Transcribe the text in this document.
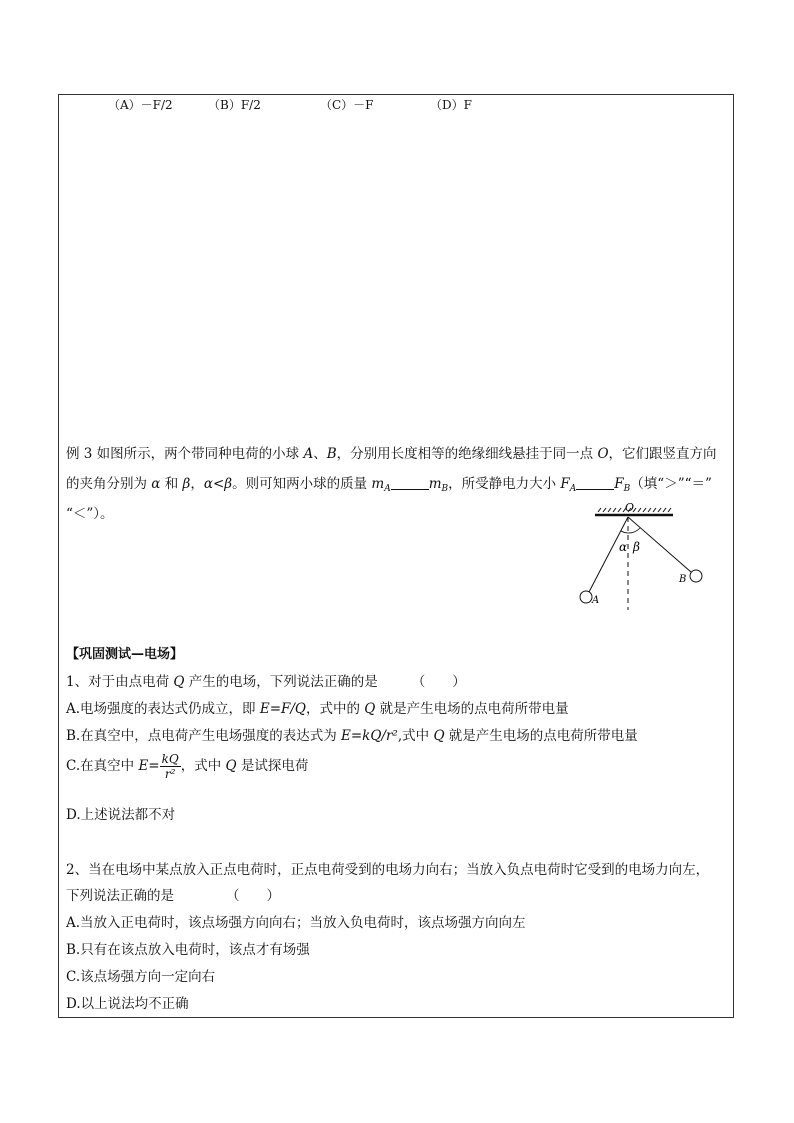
（A）－F/2	（B）F/2	（C）－F	（D）F
例 3 如图所示，两个带同种电荷的小球 A、B，分别用长度相等的绝缘细线悬挂于同一点 O，它们跟竖直方向
的夹角分别为 α 和 β，α<β。则可知两小球的质量 $m_A$	$m_B$，所受静电力大小 $F_A$	$F_B$（填“＞”“＝”
“＜”）。	O
α β
A
B
【巩固测试—电场】
1、对于由点电荷 Q 产生的电场，下列说法正确的是	（　　）
A.电场强度的表达式仍成立，即 E=F/Q，式中的 Q 就是产生电场的点电荷所带电量
B.在真空中，点电荷产生电场强度的表达式为 E=kQ/r²,式中 Q 就是产生电场的点电荷所带电量
C.在真空中 $E= \frac{kQ}{\text{r²}}$ ，式中 Q 是试探电荷
D.上述说法都不对
2、当在电场中某点放入正点电荷时，正点电荷受到的电场力向右；当放入负点电荷时它受到的电场力向左，
下列说法正确的是	（　　）
A.当放入正电荷时，该点场强方向向右；当放入负电荷时，该点场强方向向左
B.只有在该点放入电荷时，该点才有场强
C.该点场强方向一定向右
D.以上说法均不正确
